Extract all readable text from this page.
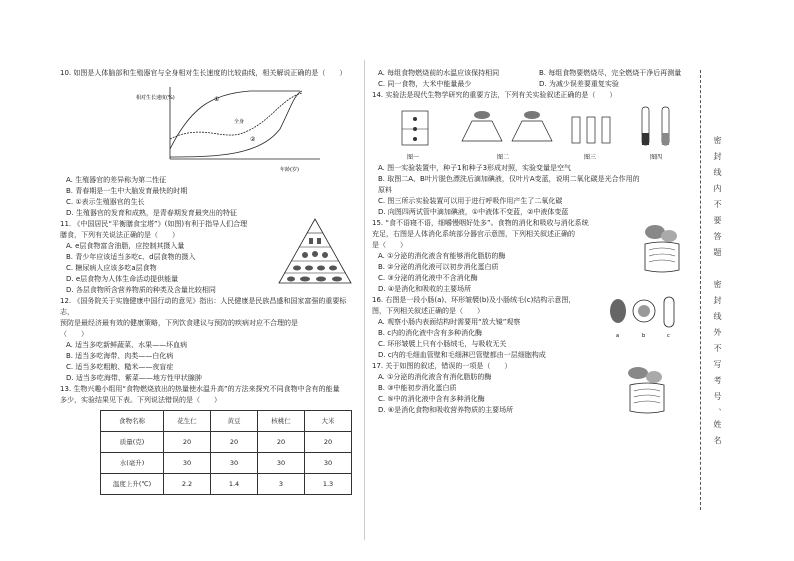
10. 如图是人体脑部和生殖器官与全身相对生长速度的比较曲线，相关解说正确的是（　　）

相对生长速度(%)
年龄(岁)
①
②
全身
A. 生殖器官的差异称为第二性征
B. 青春期是一生中大脑发育最快的时期
C. ①表示生殖器官的生长
D. 生殖器官的发育和成熟，是青春期发育最突出的特征

11. 《中国居民“平衡膳食宝塔”》(如图)有利于指导人们合理

膳食，下列有关说法正确的是（　　）

A. e层食物富含油脂，应控制其摄入量
B. 青少年应该适当多吃c、d层食物的摄入
C. 糖尿病人应该多吃a层食物
D. e层食物为人体生命活动提供能量
D. 各层食物所含营养物质的种类及含量比较相同

12. 《国务院关于实施健康中国行动的意见》指出：人民健康是民族昌盛和国家富强的重要标志，

预防是最经济最有效的健康策略，下列饮食建议与预防的疾病对应不合理的是

（　　）

A. 适当多吃新鲜蔬菜、水果——坏血病
B. 适当多吃海带、肉类——白化病
C. 适当多吃粗粮、糙米——夜盲症
D. 适当多吃海带、紫菜——地方性甲状腺肿

13. 生物兴趣小组用“食物燃烧放出的热量使水温升高”的方法来探究不同食物中含有的能量

多少，实验结果见下表。下列说法错误的是（　　）

食物名称	花生仁	黄豆	核桃仁	大米
质量(克)	20	20	20	20
水(毫升)	30	30	30	30
温度上升(℃)	2.2	1.4	3	1.3
A. 每组食物燃烧前的水温应该保持相同	B. 每组食物要燃烧尽，完全燃烧干净后再测量
C. 同一食物，大米中能量最少	D. 为减少误差要重复实验

14. 实验法是现代生物学研究的重要方法，下列有关实验叙述正确的是（　　）

图一	图二	图三	图四
A. 图一实验装置中，种子1和种子3形成对照，实验变量是空气
B. 取图二A、B叶片脱色漂洗后滴加碘液，仅叶片A变蓝，说明二氧化碳是光合作用的
原料
C. 图三所示实验装置可以用于进行呼吸作用产生了二氧化碳
D. 向图四两试管中滴加碘液，①中液体不变蓝，②中液体变蓝

15. “食不语寝不语，细嚼慢咽好处多”。食物的消化和吸收与消化系统

充足，右图是人体消化系统部分器官示意图，下列相关叙述正确的

是（　　）

A. ①分泌的消化液含有能够消化脂肪的酶
B. ②分泌的消化液可以初步消化蛋白质
C. ③分泌的消化液中不含消化酶
D. ④是消化和吸收的主要场所

16. 右图是一段小肠(a)、环形皱襞(b)及小肠绒毛(c)结构示意图，

图，下列相关叙述正确的是（　　）

A. 观察小肠内表面结构时需要用“放大镜”观察
B. c内的消化液中含有多种消化酶
C. 环形皱襞上只有小肠绒毛，与吸收无关
D. c内的毛细血管壁和毛细淋巴管壁都由一层细胞构成
a	b	c

17. 关于如图的叙述，错误的一项是（　　）

A. ①分泌的消化液含有消化脂肪的酶
B. ③中能初步消化蛋白质
C. ⑤中的消化液中含有多种消化酶
D. ⑥是消化食物和吸收营养物质的主要场所	密　封　线　内　不　要　答　题　　　密　封　线　外　不　写　考　号　、　姓　名
